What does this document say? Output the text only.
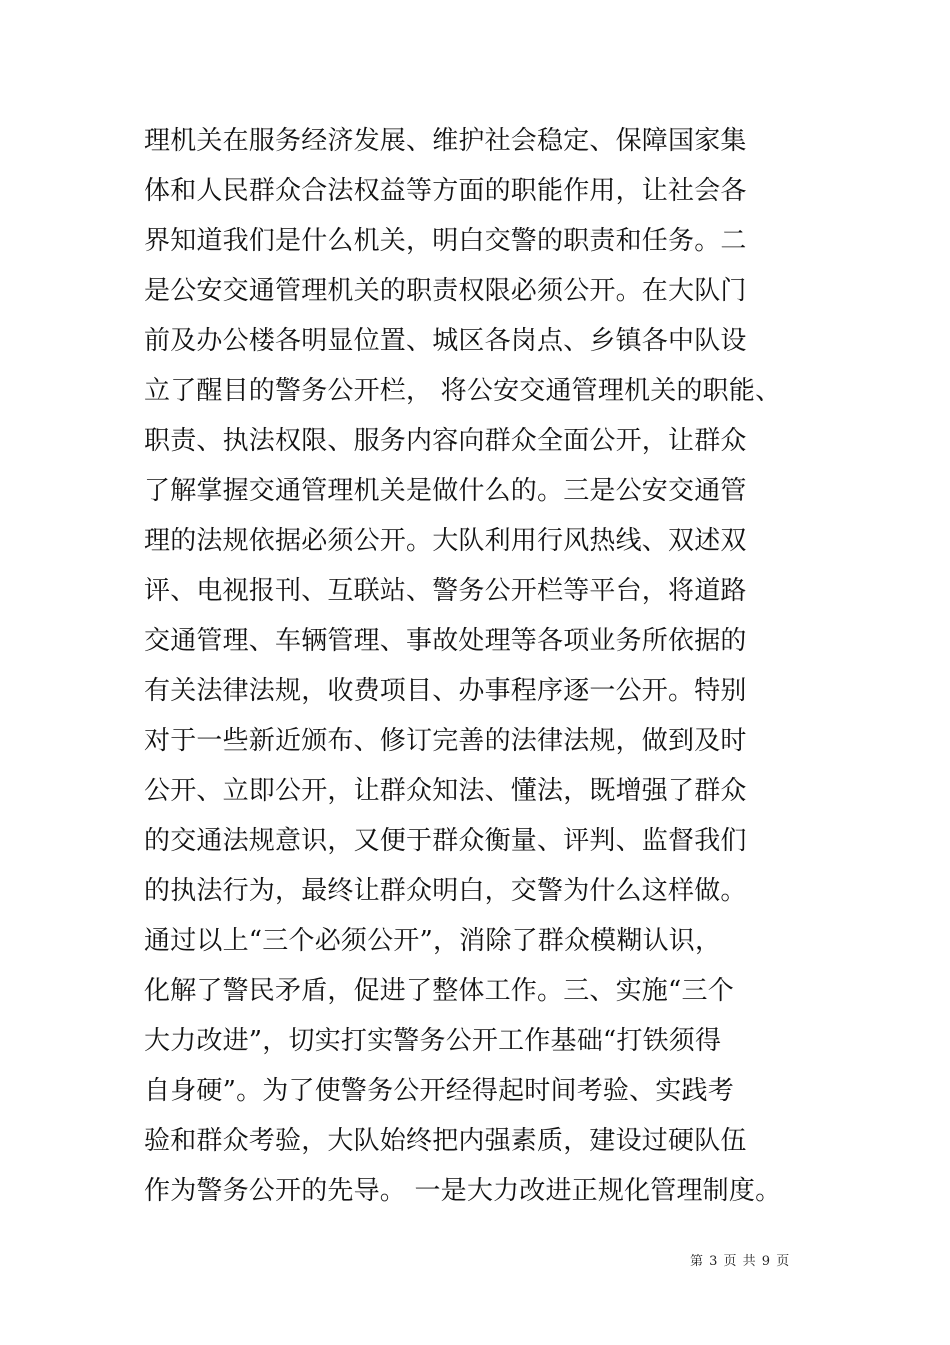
理机关在服务经济发展、维护社会稳定、保障国家集
体和人民群众合法权益等方面的职能作用，让社会各
界知道我们是什么机关，明白交警的职责和任务。二
是公安交通管理机关的职责权限必须公开。在大队门
前及办公楼各明显位置、城区各岗点、乡镇各中队设
立了醒目的警务公开栏， 将公安交通管理机关的职能、
职责、执法权限、服务内容向群众全面公开，让群众
了解掌握交通管理机关是做什么的。三是公安交通管
理的法规依据必须公开。大队利用行风热线、双述双
评、电视报刊、互联站、警务公开栏等平台，将道路
交通管理、车辆管理、事故处理等各项业务所依据的
有关法律法规，收费项目、办事程序逐一公开。特别
对于一些新近颁布、修订完善的法律法规，做到及时
公开、立即公开，让群众知法、懂法，既增强了群众
的交通法规意识，又便于群众衡量、评判、监督我们
的执法行为，最终让群众明白，交警为什么这样做。
通过以上“三个必须公开”，消除了群众模糊认识，
化解了警民矛盾，促进了整体工作。三、实施“三个
大力改进”，切实打实警务公开工作基础“打铁须得
自身硬”。为了使警务公开经得起时间考验、实践考
验和群众考验，大队始终把内强素质，建设过硬队伍
作为警务公开的先导。 一是大力改进正规化管理制度。
第 3 页 共 9 页
